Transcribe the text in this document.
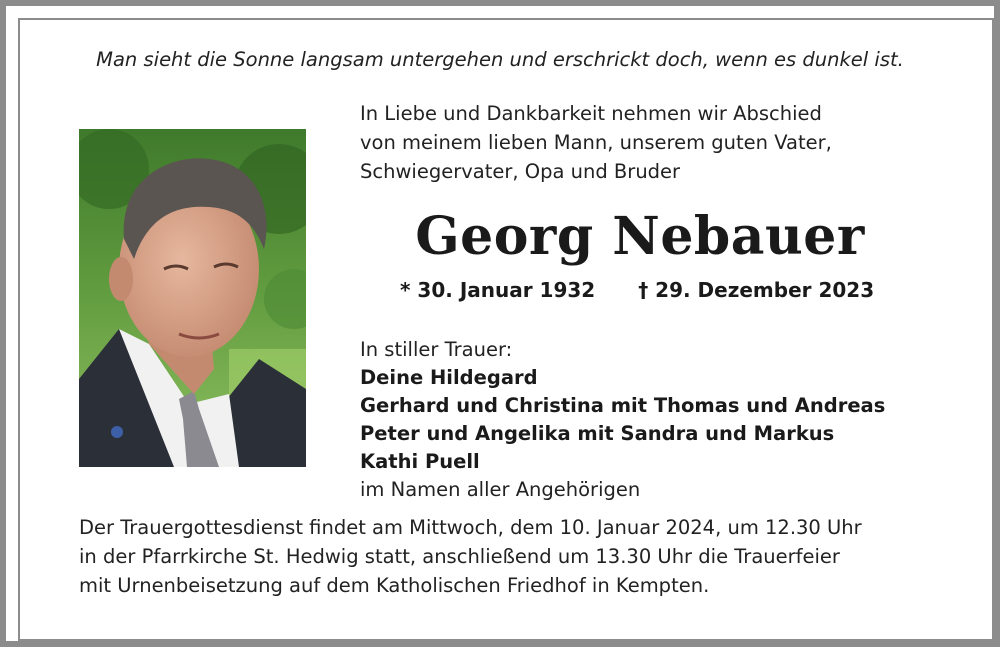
Man sieht die Sonne langsam untergehen und erschrickt doch, wenn es dunkel ist.
In Liebe und Dankbarkeit nehmen wir Abschied
von meinem lieben Mann, unserem guten Vater,
Schwiegervater, Opa und Bruder
Georg Nebauer
* 30. Januar 1932 † 29. Dezember 2023
In stiller Trauer:
Deine Hildegard
Gerhard und Christina mit Thomas und Andreas
Peter und Angelika mit Sandra und Markus
Kathi Puell
im Namen aller Angehörigen
Der Trauergottesdienst findet am Mittwoch, dem 10. Januar 2024, um 12.30 Uhr
in der Pfarrkirche St. Hedwig statt, anschließend um 13.30 Uhr die Trauerfeier
mit Urnenbeisetzung auf dem Katholischen Friedhof in Kempten.
